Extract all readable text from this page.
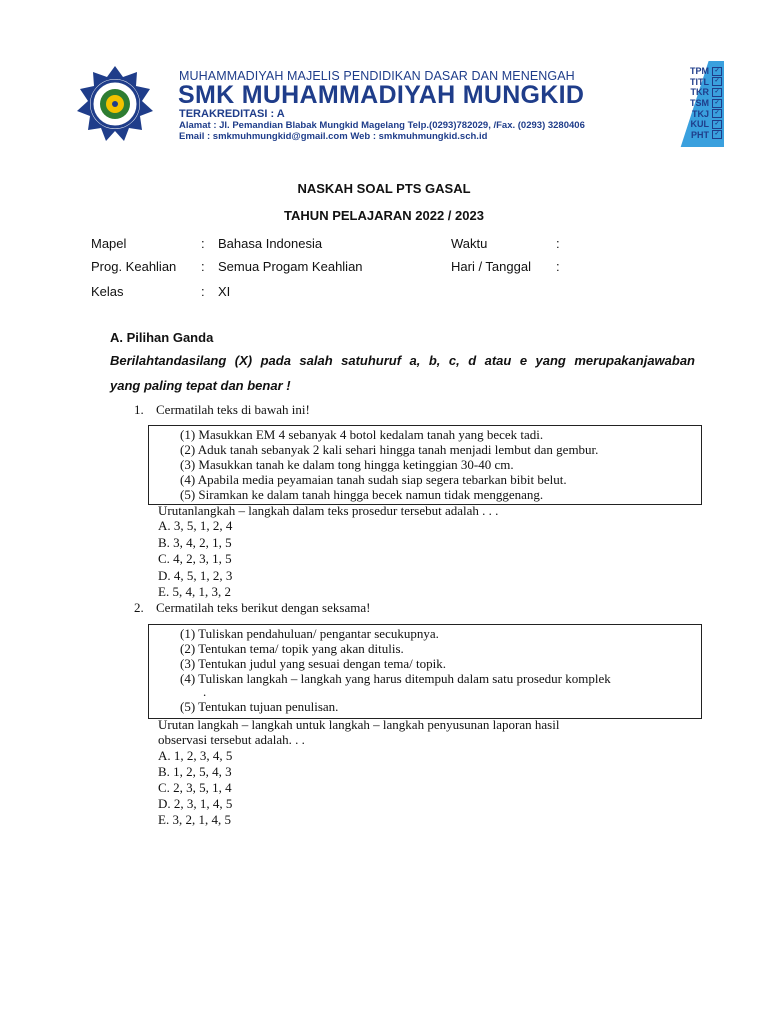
MUHAMMADIYAH MAJELIS PENDIDIKAN DASAR DAN MENENGAH
SMK MUHAMMADIYAH MUNGKID
TERAKREDITASI : A
Alamat : Jl. Pemandian Blabak Mungkid Magelang Telp.(0293)782029, /Fax. (0293) 3280406
Email : smkmuhmungkid@gmail.com Web : smkmuhmungkid.sch.id
TPM ✓
TITL ✓
TKR ✓
TSM ✓
TKJ ✓
KUL ✓
PHT ✓
NASKAH SOAL PTS GASAL
TAHUN PELAJARAN 2022 / 2023
Mapel	: Bahasa Indonesia	Waktu	:
Prog. Keahlian : Semua Progam Keahlian	Hari / Tanggal :
Kelas	: XI
A. Pilihan Ganda
Berilahtandasilang (X) pada salah satuhuruf a, b, c, d atau e yang merupakanjawaban
yang paling tepat dan benar !
1. Cermatilah teks di bawah ini!
(1) Masukkan EM 4 sebanyak 4 botol kedalam tanah yang becek tadi.
(2) Aduk tanah sebanyak 2 kali sehari hingga tanah menjadi lembut dan gembur.
(3) Masukkan tanah ke dalam tong hingga ketinggian 30-40 cm.
(4) Apabila media peyamaian tanah sudah siap segera tebarkan bibit belut.
(5) Siramkan ke dalam tanah hingga becek namun tidak menggenang.
Urutanlangkah – langkah dalam teks prosedur tersebut adalah . . .
A. 3, 5, 1, 2, 4
B. 3, 4, 2, 1, 5
C. 4, 2, 3, 1, 5
D. 4, 5, 1, 2, 3
E. 5, 4, 1, 3, 2
2. Cermatilah teks berikut dengan seksama!
(1) Tuliskan pendahuluan/ pengantar secukupnya.
(2) Tentukan tema/ topik yang akan ditulis.
(3) Tentukan judul yang sesuai dengan tema/ topik.
(4) Tuliskan langkah – langkah yang harus ditempuh dalam satu prosedur komplek
.
(5) Tentukan tujuan penulisan.
Urutan langkah – langkah untuk langkah – langkah penyusunan laporan hasil
observasi tersebut adalah. . .
A. 1, 2, 3, 4, 5
B. 1, 2, 5, 4, 3
C. 2, 3, 5, 1, 4
D. 2, 3, 1, 4, 5
E. 3, 2, 1, 4, 5
